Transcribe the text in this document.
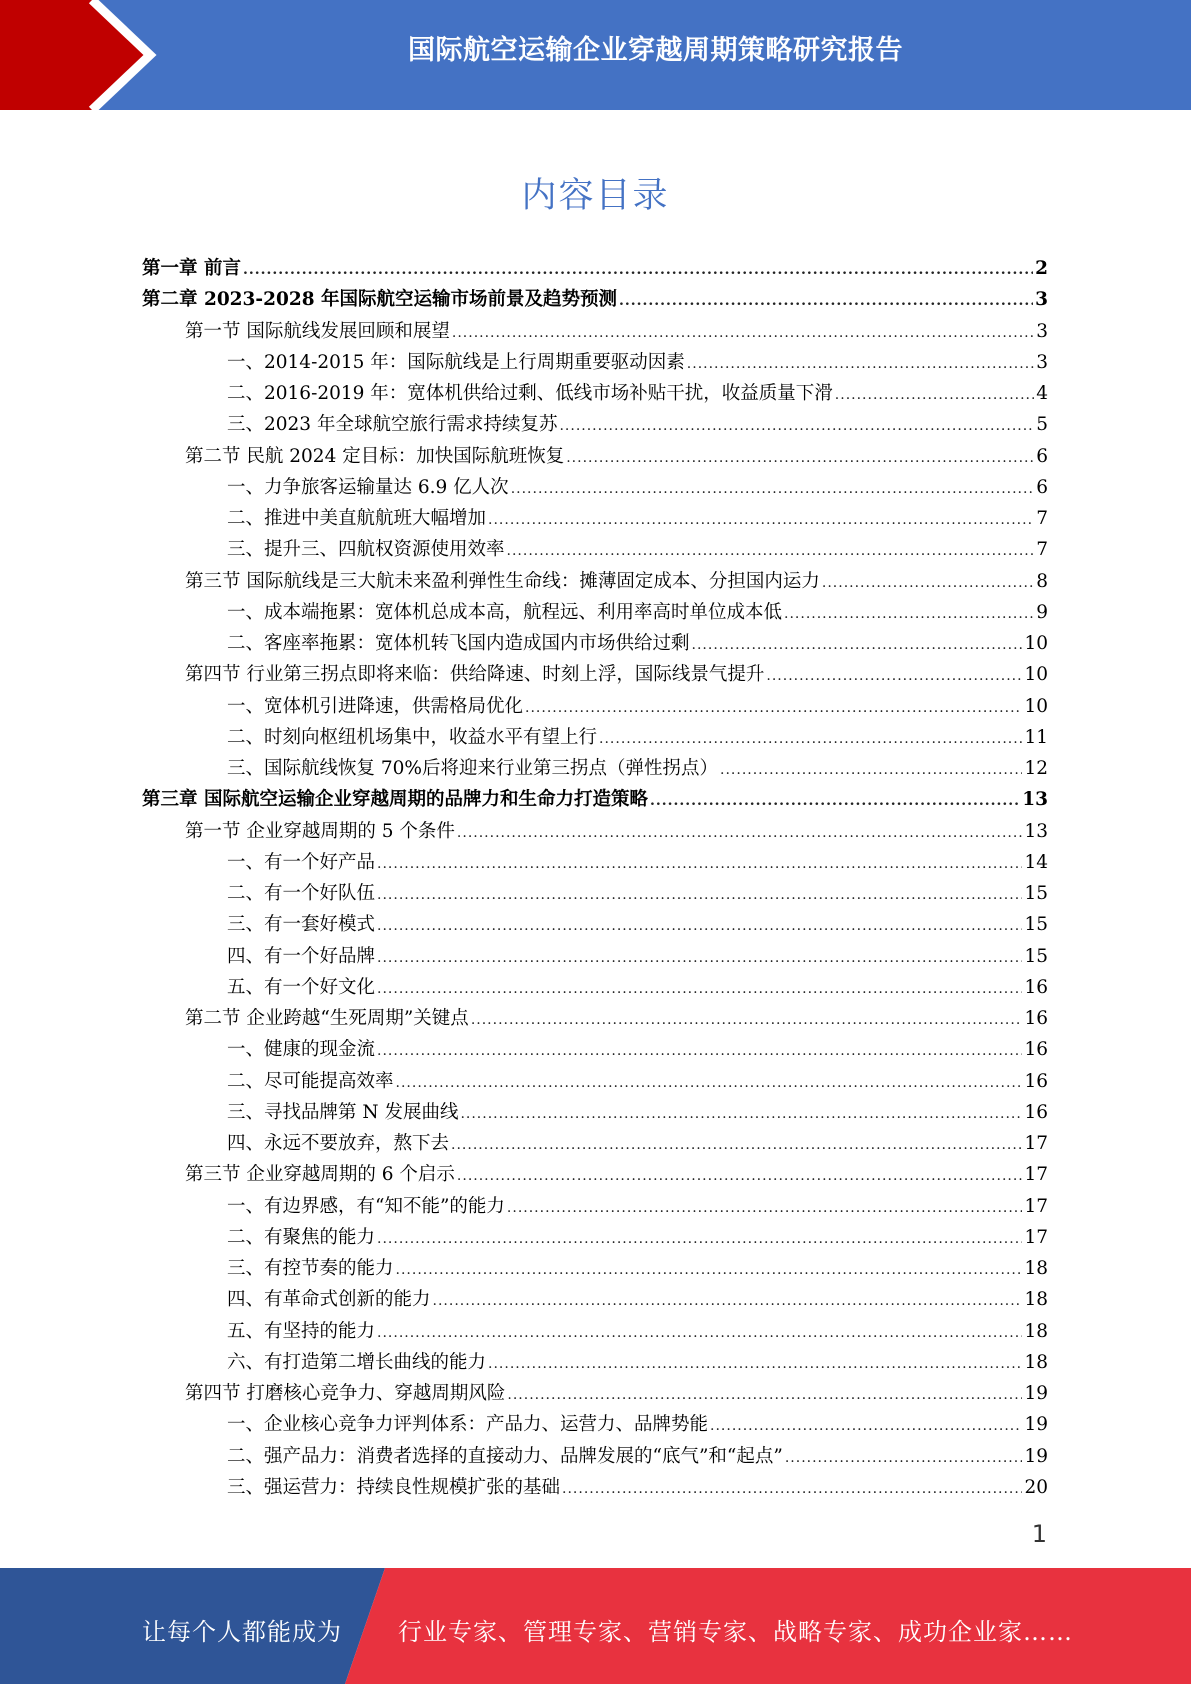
国际航空运输企业穿越周期策略研究报告
内容目录
第一章 前言 .....	2
第二章 2023-2028 年国际航空运输市场前景及趋势预测 .....	3
第一节 国际航线发展回顾和展望 .....	3
一、2014-2015 年：国际航线是上行周期重要驱动因素 .....	3
二、2016-2019 年：宽体机供给过剩、低线市场补贴干扰，收益质量下滑 .....	4
三、2023 年全球航空旅行需求持续复苏 .....	5
第二节 民航 2024 定目标：加快国际航班恢复 .....	6
一、力争旅客运输量达 6.9 亿人次 .....	6
二、推进中美直航航班大幅增加 .....	7
三、提升三、四航权资源使用效率 .....	7
第三节 国际航线是三大航未来盈利弹性生命线：摊薄固定成本、分担国内运力 .....	8
一、成本端拖累：宽体机总成本高，航程远、利用率高时单位成本低 .....	9
二、客座率拖累：宽体机转飞国内造成国内市场供给过剩 .....	10
第四节 行业第三拐点即将来临：供给降速、时刻上浮，国际线景气提升 .....	10
一、宽体机引进降速，供需格局优化 .....	10
二、时刻向枢纽机场集中，收益水平有望上行 .....	11
三、国际航线恢复 70%后将迎来行业第三拐点（弹性拐点） .....	12
第三章 国际航空运输企业穿越周期的品牌力和生命力打造策略 .....	13
第一节 企业穿越周期的 5 个条件 .....	13
一、有一个好产品 .....	14
二、有一个好队伍 .....	15
三、有一套好模式 .....	15
四、有一个好品牌 .....	15
五、有一个好文化 .....	16
第二节 企业跨越“生死周期”关键点 .....	16
一、健康的现金流 .....	16
二、尽可能提高效率 .....	16
三、寻找品牌第 N 发展曲线 .....	16
四、永远不要放弃，熬下去 .....	17
第三节 企业穿越周期的 6 个启示 .....	17
一、有边界感，有“知不能”的能力 .....	17
二、有聚焦的能力 .....	17
三、有控节奏的能力 .....	18
四、有革命式创新的能力 .....	18
五、有坚持的能力 .....	18
六、有打造第二增长曲线的能力 .....	18
第四节 打磨核心竞争力、穿越周期风险 .....	19
一、企业核心竞争力评判体系：产品力、运营力、品牌势能 .....	19
二、强产品力：消费者选择的直接动力、品牌发展的“底气”和“起点” .....	19
三、强运营力：持续良性规模扩张的基础 .....	20
1
让每个人都能成为 行业专家、管理专家、营销专家、战略专家、成功企业家……
